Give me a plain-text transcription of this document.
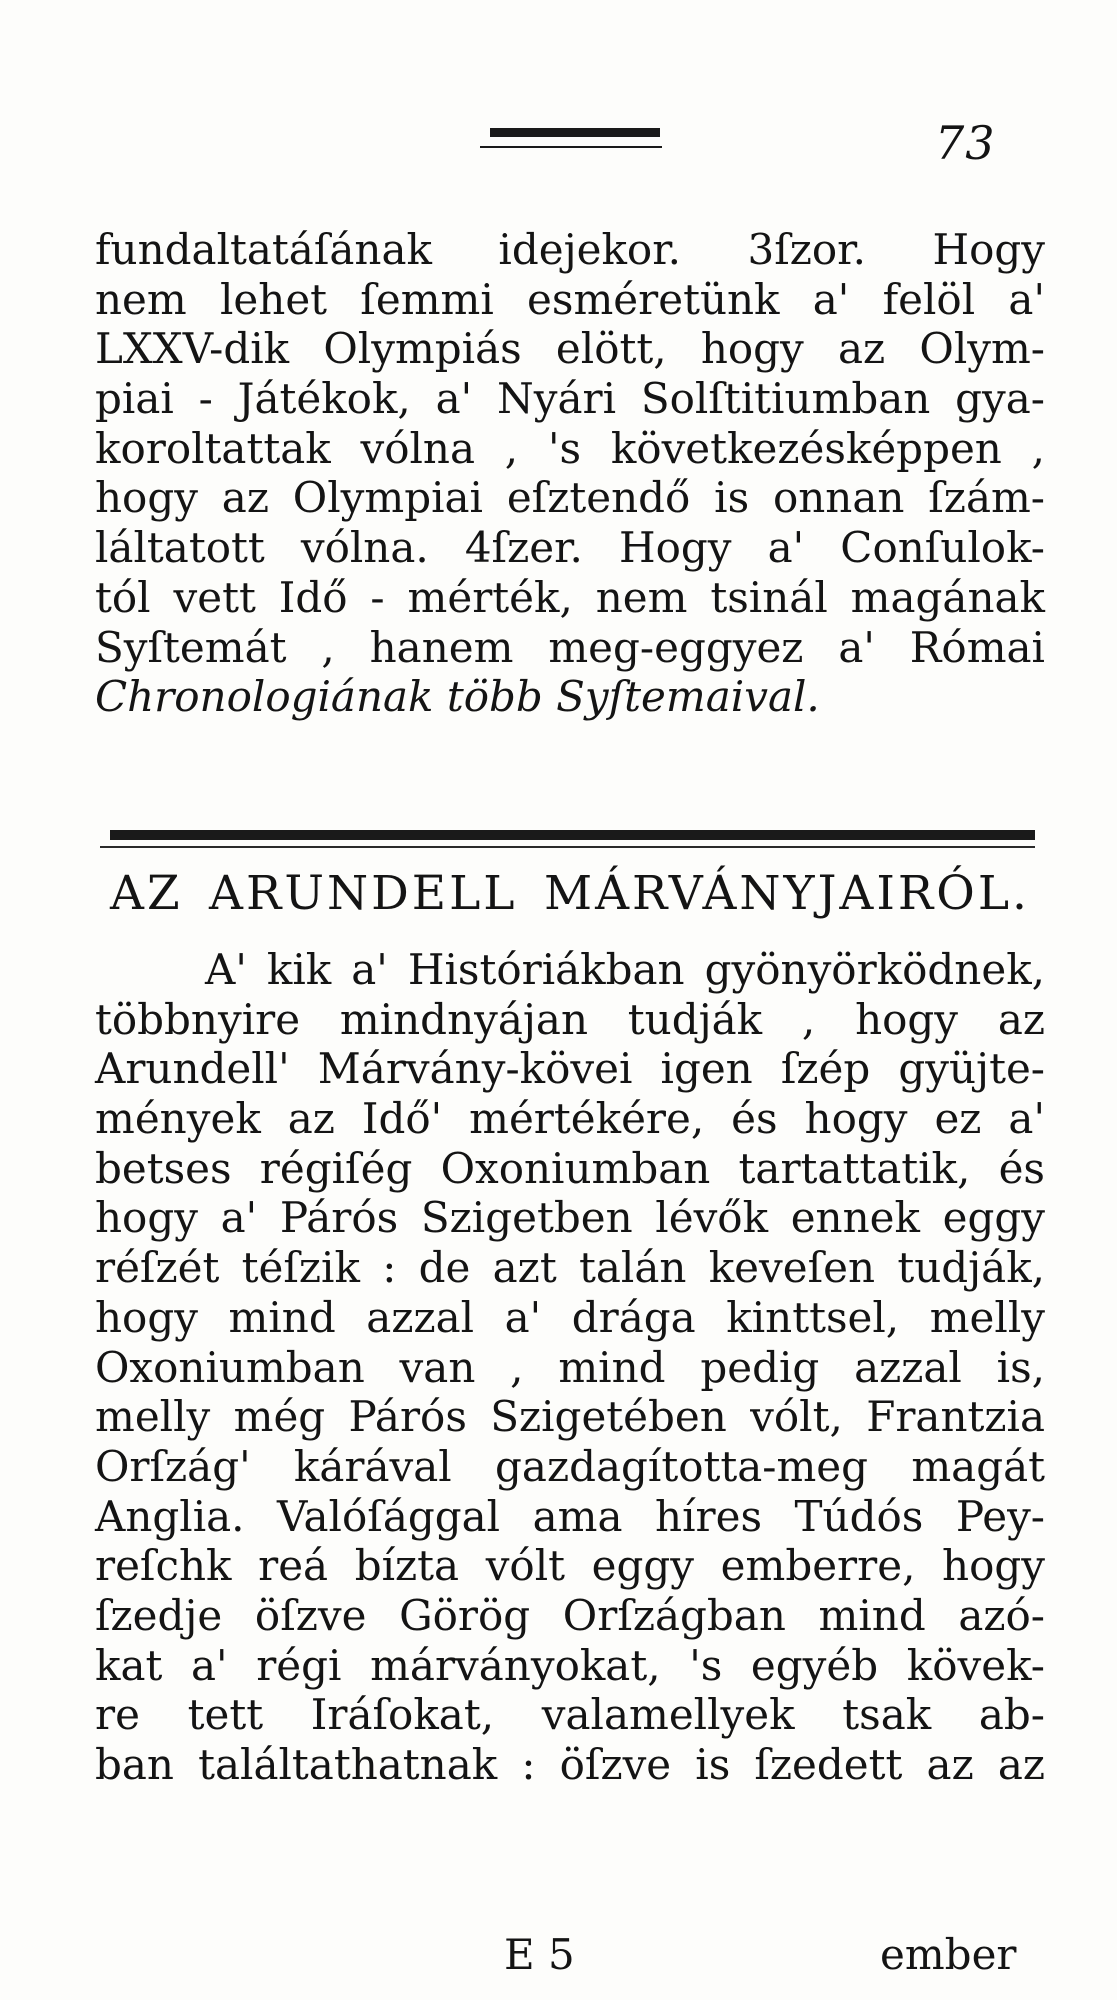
73
fundaltatáſának idejekor. 3ſzor. Hogy
nem lehet ſemmi esméretünk a' felöl a'
LXXV-dik Olympiás elött, hogy az Olym-
piai - Játékok, a' Nyári Solſtitiumban gya-
koroltattak vólna , 's következésképpen ,
hogy az Olympiai eſztendő is onnan ſzám-
láltatott vólna. 4ſzer. Hogy a' Conſulok-
tól vett Idő - mérték, nem tsinál magának
Syſtemát , hanem meg-eggyez a' Római
Chronologiának több Syſtemaival.
AZ ARUNDELL MÁRVÁNYJAIRÓL.
A' kik a' Históriákban gyönyörködnek,
többnyire mindnyájan tudják , hogy az
Arundell' Márvány-kövei igen ſzép gyüjte-
mények az Idő' mértékére, és hogy ez a'
betses régiſég Oxoniumban tartattatik, és
hogy a' Párós Szigetben lévők ennek eggy
réſzét téſzik : de azt talán keveſen tudják,
hogy mind azzal a' drága kinttsel, melly
Oxoniumban van , mind pedig azzal is,
melly még Párós Szigetében vólt, Frantzia
Orſzág' kárával gazdagította-meg magát
Anglia. Valóſággal ama híres Túdós Pey-
reſchk reá bízta vólt eggy emberre, hogy
ſzedje öſzve Görög Orſzágban mind azó-
kat a' régi márványokat, 's egyéb kövek-
re tett Iráſokat, valamellyek tsak ab-
ban találtathatnak : öſzve is ſzedett az az
E 5	ember
